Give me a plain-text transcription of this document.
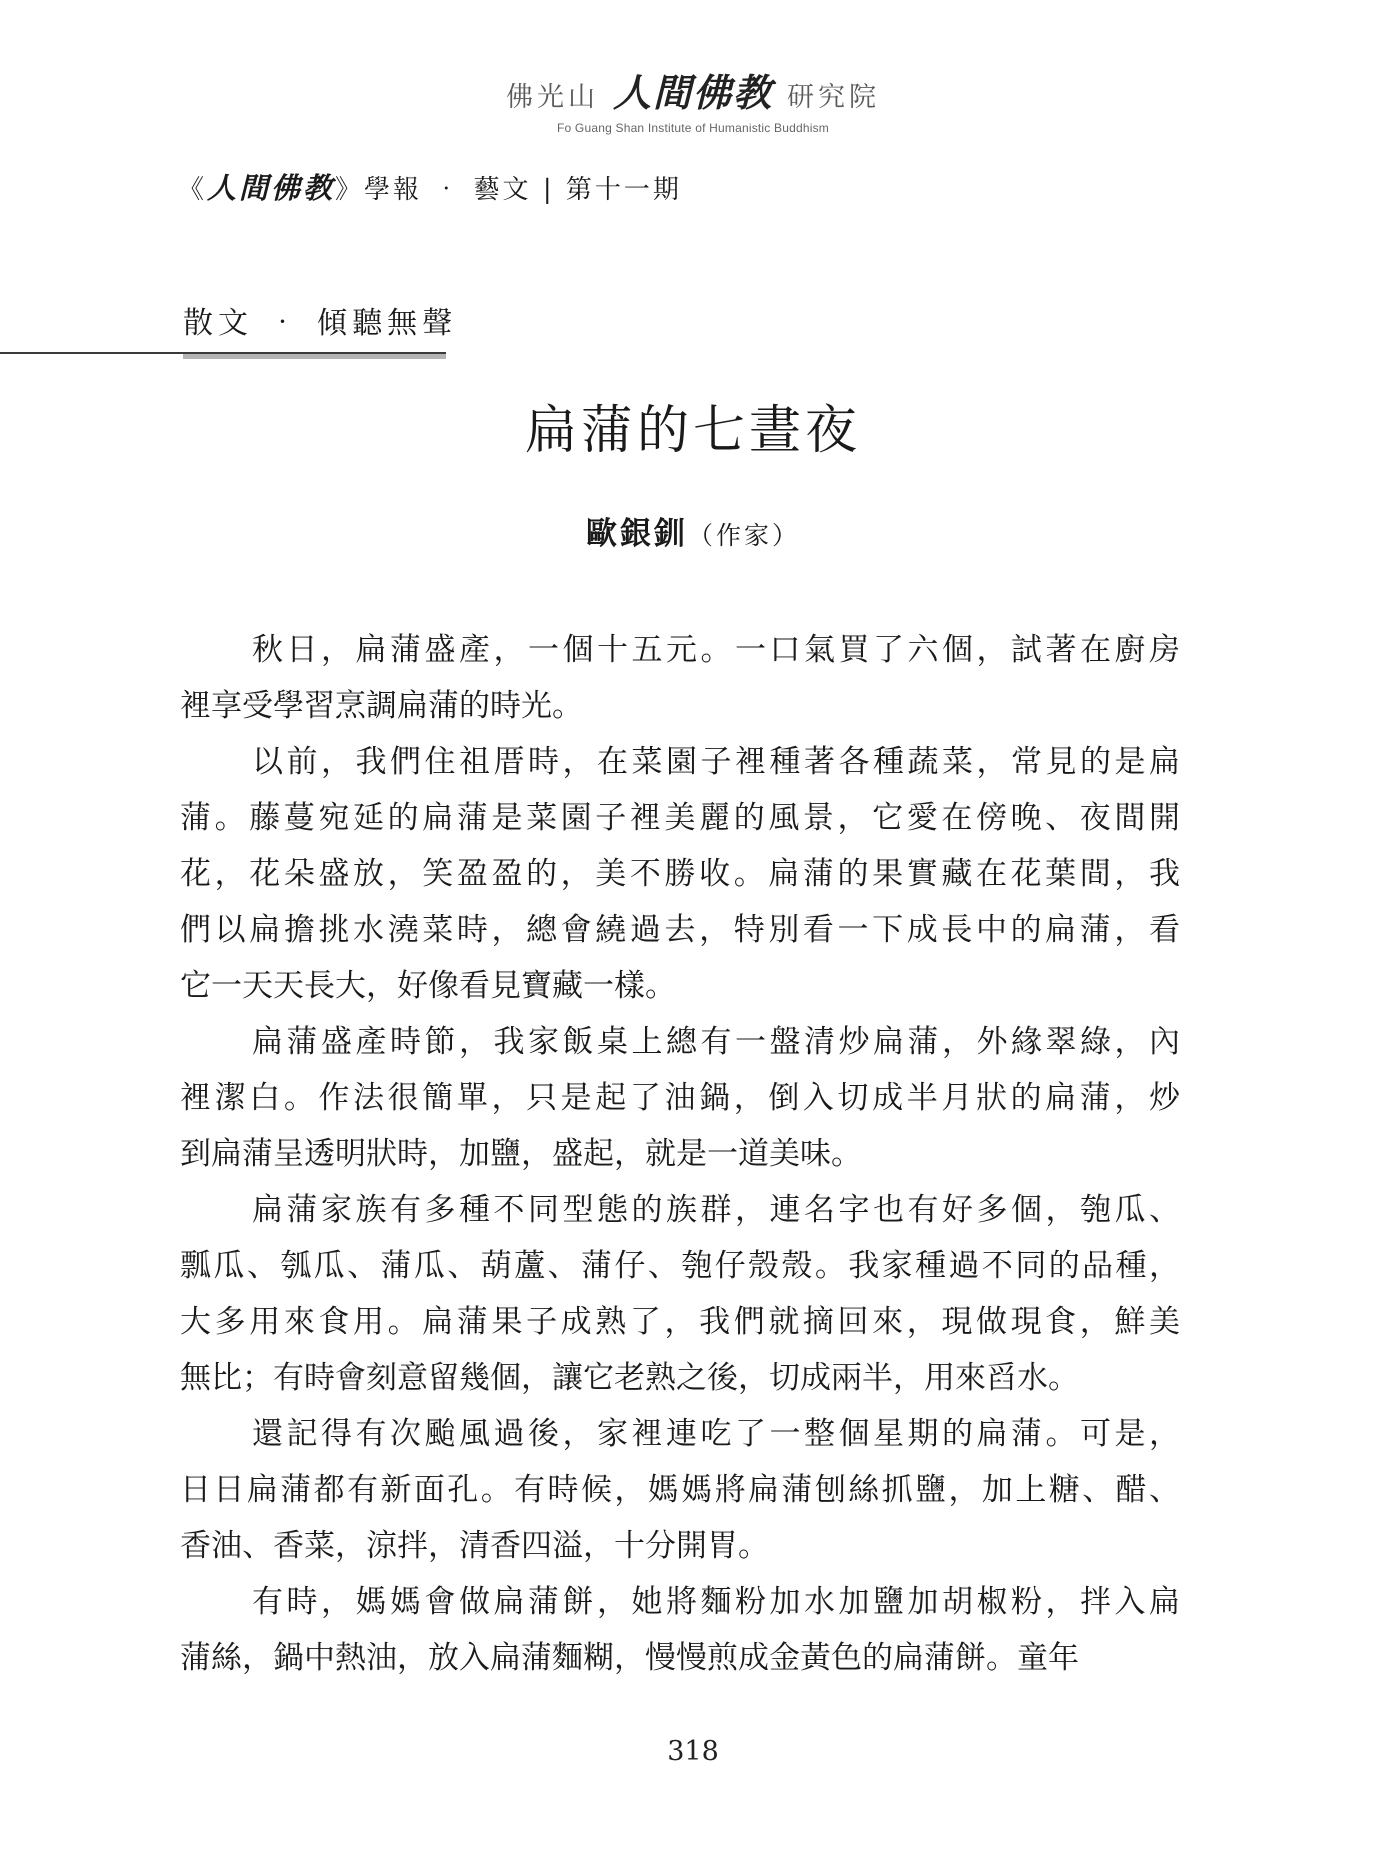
佛光山 人間佛教 研究院
Fo Guang Shan Institute of Humanistic Buddhism
《人間佛教》學報 ‧ 藝文 | 第十一期
散文 ‧ 傾聽無聲
扁蒲的七晝夜
歐銀釧（作家）

秋日，扁蒲盛產，一個十五元。一口氣買了六個，試著在廚房

裡享受學習烹調扁蒲的時光。

以前，我們住祖厝時，在菜園子裡種著各種蔬菜，常見的是扁

蒲。藤蔓宛延的扁蒲是菜園子裡美麗的風景，它愛在傍晚、夜間開

花，花朵盛放，笑盈盈的，美不勝收。扁蒲的果實藏在花葉間，我

們以扁擔挑水澆菜時，總會繞過去，特別看一下成長中的扁蒲，看

它一天天長大，好像看見寶藏一樣。

扁蒲盛產時節，我家飯桌上總有一盤清炒扁蒲，外緣翠綠，內

裡潔白。作法很簡單，只是起了油鍋，倒入切成半月狀的扁蒲，炒

到扁蒲呈透明狀時，加鹽，盛起，就是一道美味。

扁蒲家族有多種不同型態的族群，連名字也有好多個，匏瓜、

瓢瓜、瓠瓜、蒲瓜、葫蘆、蒲仔、匏仔殼殼。我家種過不同的品種，

大多用來食用。扁蒲果子成熟了，我們就摘回來，現做現食，鮮美

無比；有時會刻意留幾個，讓它老熟之後，切成兩半，用來舀水。

還記得有次颱風過後，家裡連吃了一整個星期的扁蒲。可是，

日日扁蒲都有新面孔。有時候，媽媽將扁蒲刨絲抓鹽，加上糖、醋、

香油、香菜，涼拌，清香四溢，十分開胃。

有時，媽媽會做扁蒲餅，她將麵粉加水加鹽加胡椒粉，拌入扁

蒲絲，鍋中熱油，放入扁蒲麵糊，慢慢煎成金黃色的扁蒲餅。童年

318
